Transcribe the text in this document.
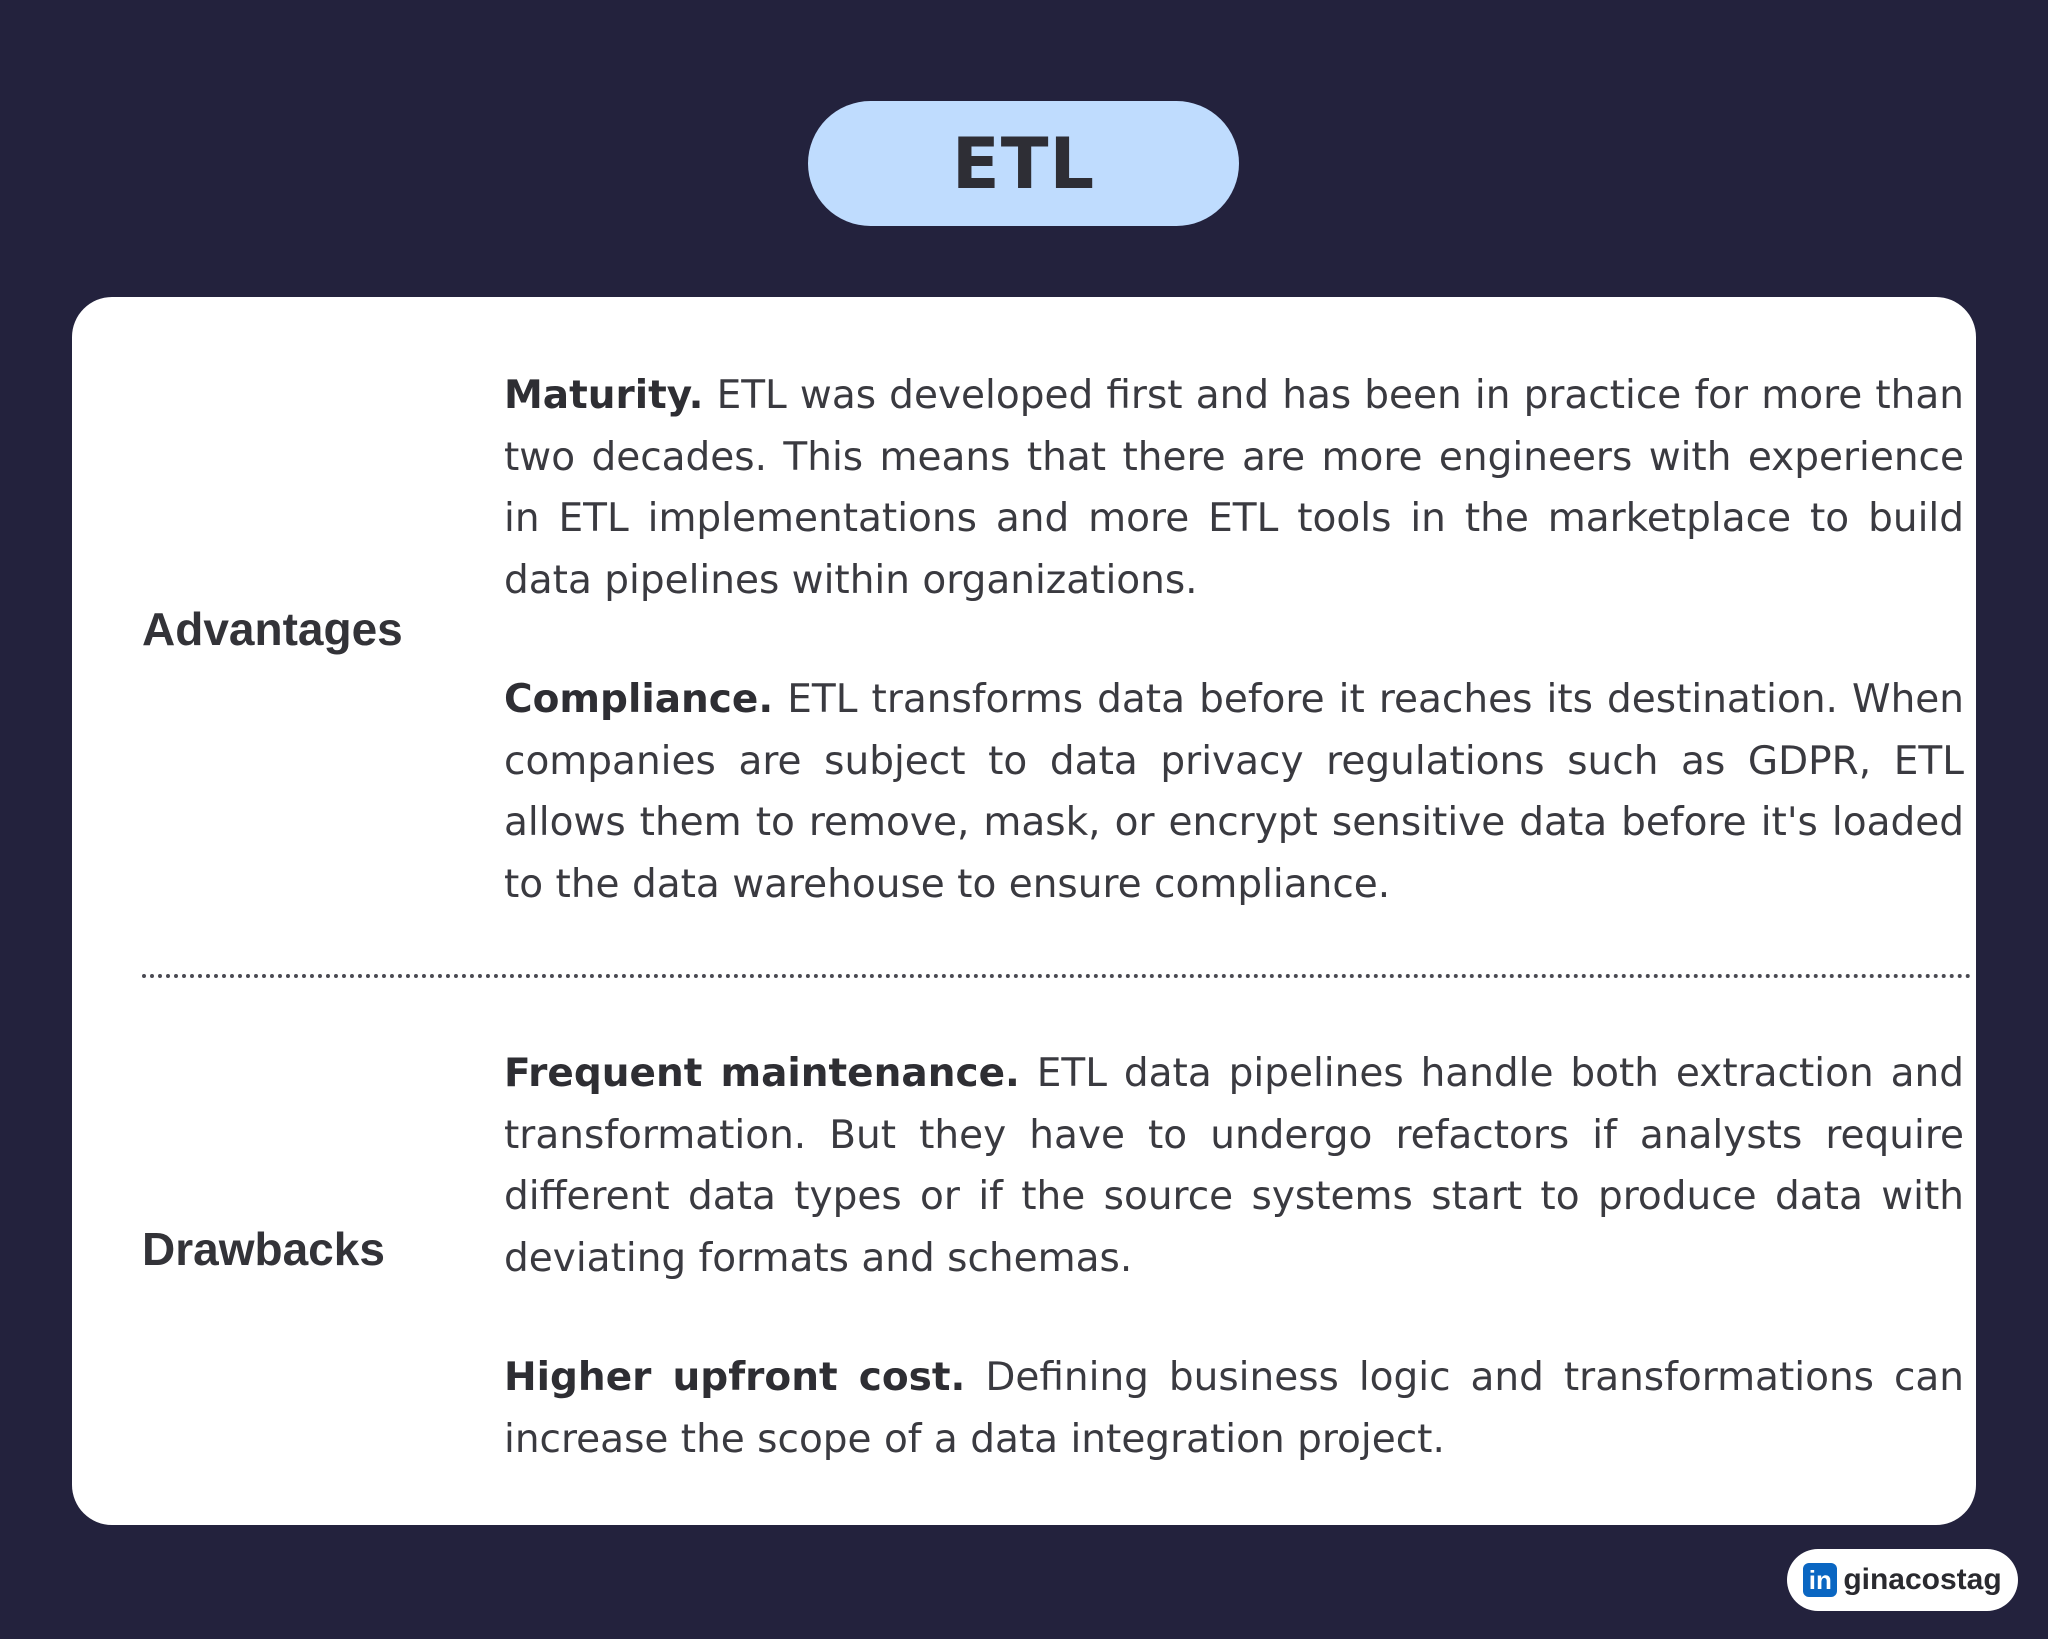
ETL
Advantages

Maturity. ETL was developed first and has been in practice for more than two decades. This means that there are more engineers with experience in ETL implementations and more ETL tools in the marketplace to build data pipelines within organizations.

Compliance. ETL transforms data before it reaches its destination. When companies are subject to data privacy regulations such as GDPR, ETL allows them to remove, mask, or encrypt sensitive data before it's loaded to the data warehouse to ensure compliance.

Drawbacks

Frequent maintenance. ETL data pipelines handle both extraction and transformation. But they have to undergo refactors if analysts require different data types or if the source systems start to produce data with deviating formats and schemas.

Higher upfront cost. Defining business logic and transformations can increase the scope of a data integration project.

in ginacostag
